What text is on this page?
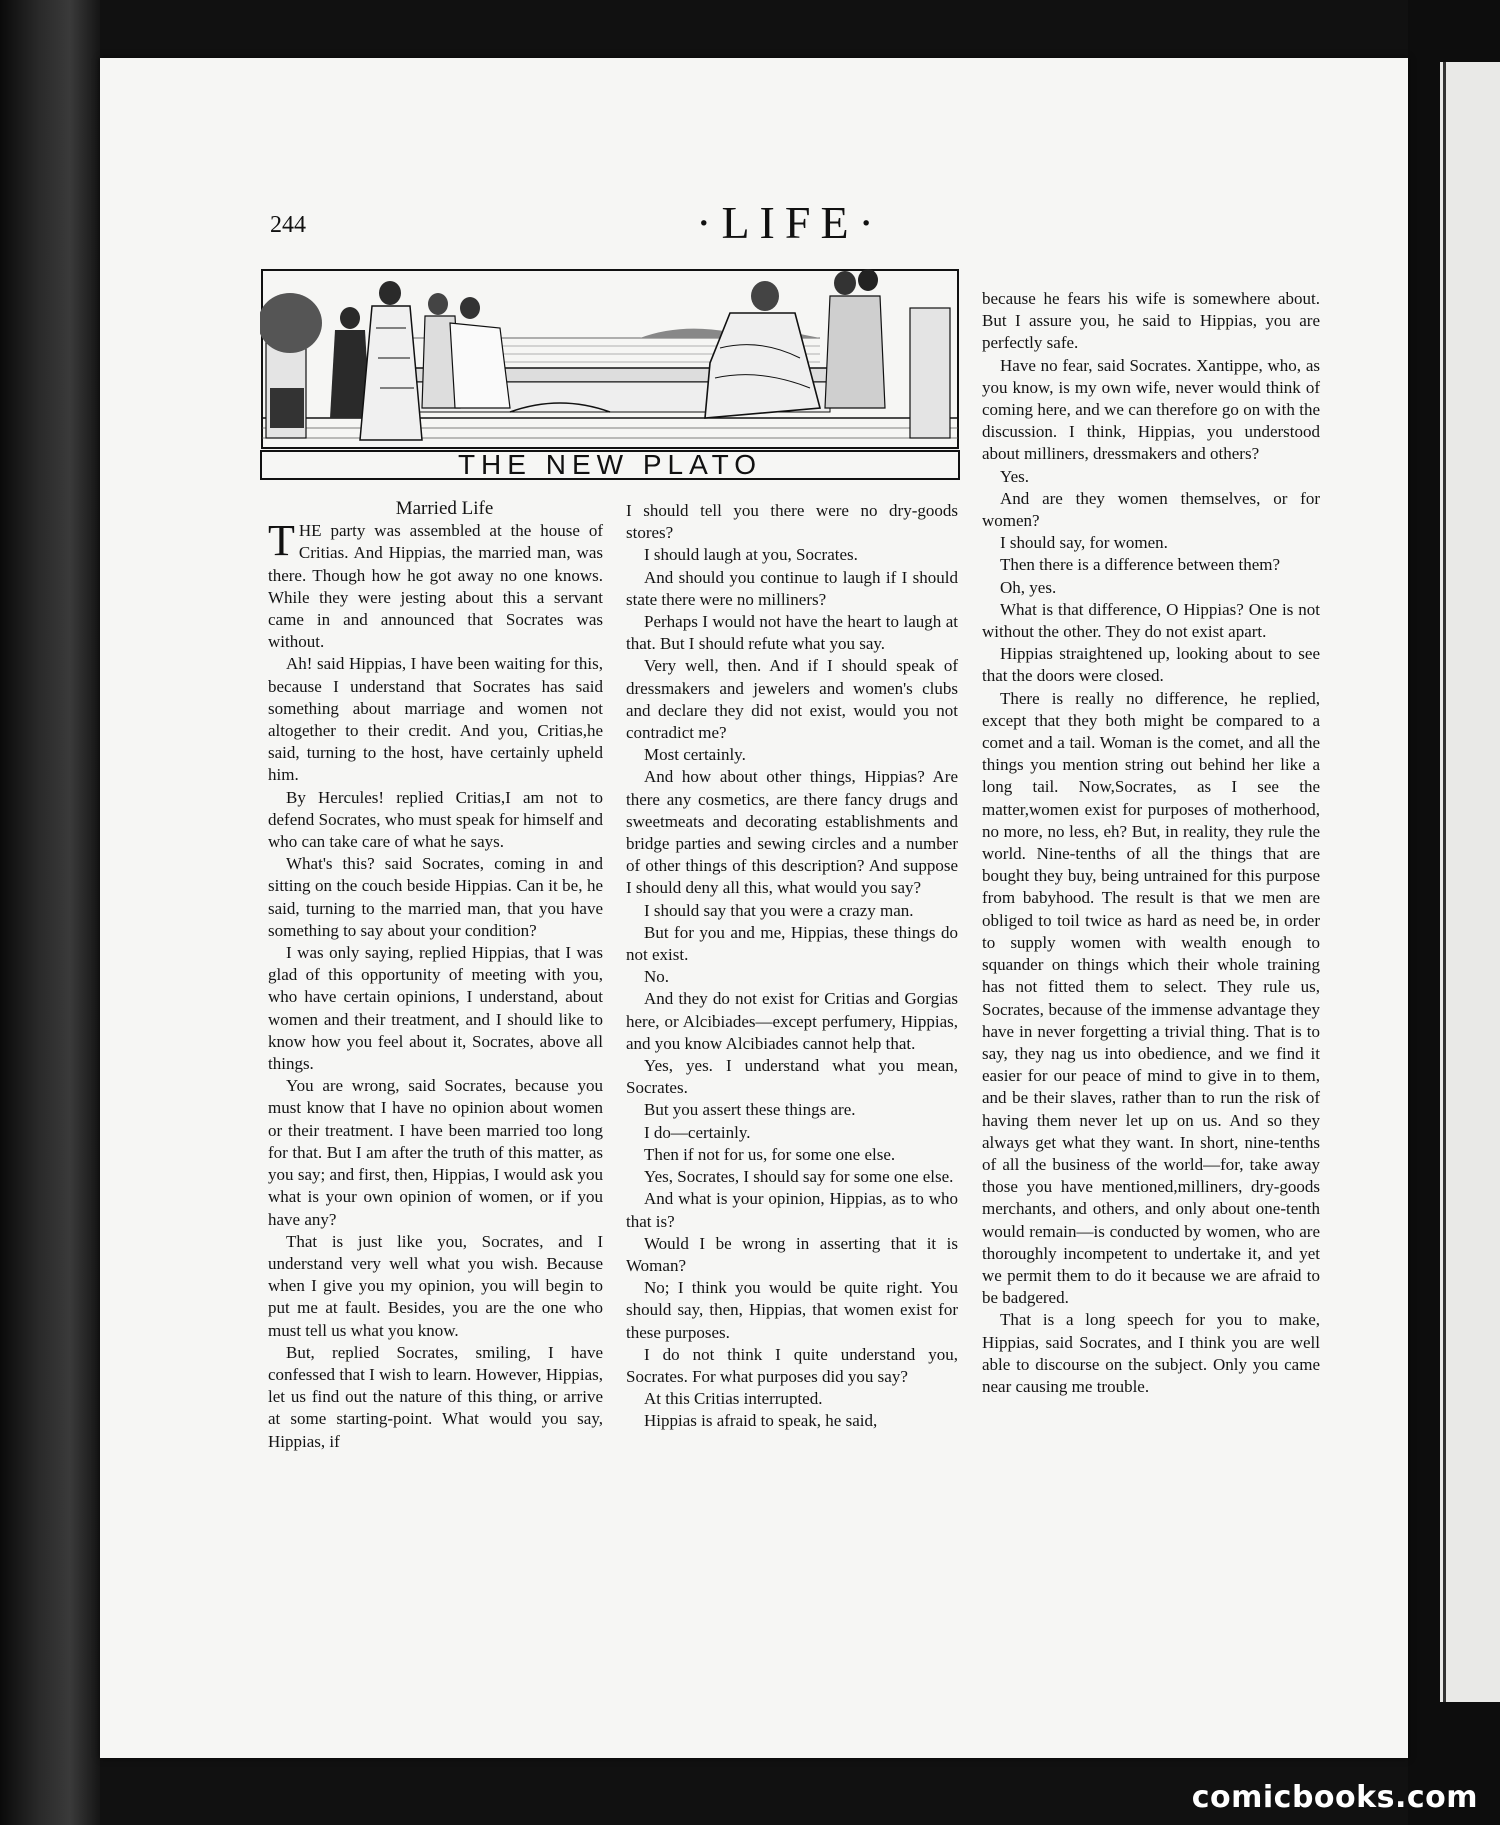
244	·LIFE·
THE NEW PLATO

Married Life

THE party was assembled at the house of Critias. And Hippias, the married man, was there. Though how he got away no one knows. While they were jesting about this a servant came in and announced that Socrates was without.

Ah! said Hippias, I have been waiting for this, because I understand that Socrates has said something about marriage and women not altogether to their credit. And you, Critias,he said, turning to the host, have certainly upheld him.

By Hercules! replied Critias,I am not to defend Socrates, who must speak for himself and who can take care of what he says.

What's this? said Socrates, coming in and sitting on the couch beside Hippias. Can it be, he said, turning to the married man, that you have something to say about your condition?

I was only saying, replied Hippias, that I was glad of this opportunity of meeting with you, who have certain opinions, I understand, about women and their treatment, and I should like to know how you feel about it, Socrates, above all things.

You are wrong, said Socrates, because you must know that I have no opinion about women or their treatment. I have been married too long for that. But I am after the truth of this matter, as you say; and first, then, Hippias, I would ask you what is your own opinion of women, or if you have any?

That is just like you, Socrates, and I understand very well what you wish. Because when I give you my opinion, you will begin to put me at fault. Besides, you are the one who must tell us what you know.

But, replied Socrates, smiling, I have confessed that I wish to learn. However, Hippias, let us find out the nature of this thing, or arrive at some starting-point. What would you say, Hippias, if

I should tell you there were no dry-goods stores?

I should laugh at you, Socrates.

And should you continue to laugh if I should state there were no milliners?

Perhaps I would not have the heart to laugh at that. But I should refute what you say.

Very well, then. And if I should speak of dressmakers and jewelers and women's clubs and declare they did not exist, would you not contradict me?

Most certainly.

And how about other things, Hippias? Are there any cosmetics, are there fancy drugs and sweetmeats and decorating establishments and bridge parties and sewing circles and a number of other things of this description? And suppose I should deny all this, what would you say?

I should say that you were a crazy man.

But for you and me, Hippias, these things do not exist.

No.

And they do not exist for Critias and Gorgias here, or Alcibiades—except perfumery, Hippias, and you know Alcibiades cannot help that.

Yes, yes. I understand what you mean, Socrates.

But you assert these things are.

I do—certainly.

Then if not for us, for some one else.

Yes, Socrates, I should say for some one else.

And what is your opinion, Hippias, as to who that is?

Would I be wrong in asserting that it is Woman?

No; I think you would be quite right. You should say, then, Hippias, that women exist for these purposes.

I do not think I quite understand you, Socrates. For what purposes did you say?

At this Critias interrupted.

Hippias is afraid to speak, he said,

because he fears his wife is somewhere about. But I assure you, he said to Hippias, you are perfectly safe.

Have no fear, said Socrates. Xantippe, who, as you know, is my own wife, never would think of coming here, and we can therefore go on with the discussion. I think, Hippias, you understood about milliners, dressmakers and others?

Yes.

And are they women themselves, or for women?

I should say, for women.

Then there is a difference between them?

Oh, yes.

What is that difference, O Hippias? One is not without the other. They do not exist apart.

Hippias straightened up, looking about to see that the doors were closed.

There is really no difference, he replied, except that they both might be compared to a comet and a tail. Woman is the comet, and all the things you mention string out behind her like a long tail. Now,Socrates, as I see the matter,women exist for purposes of motherhood, no more, no less, eh? But, in reality, they rule the world. Nine-tenths of all the things that are bought they buy, being untrained for this purpose from babyhood. The result is that we men are obliged to toil twice as hard as need be, in order to supply women with wealth enough to squander on things which their whole training has not fitted them to select. They rule us, Socrates, because of the immense advantage they have in never forgetting a trivial thing. That is to say, they nag us into obedience, and we find it easier for our peace of mind to give in to them, and be their slaves, rather than to run the risk of having them never let up on us. And so they always get what they want. In short, nine-tenths of all the business of the world—for, take away those you have mentioned,milliners, dry-goods merchants, and others, and only about one-tenth would remain—is conducted by women, who are thoroughly incompetent to undertake it, and yet we permit them to do it because we are afraid to be badgered.

That is a long speech for you to make, Hippias, said Socrates, and I think you are well able to discourse on the subject. Only you came near causing me trouble.

comicbooks.com
